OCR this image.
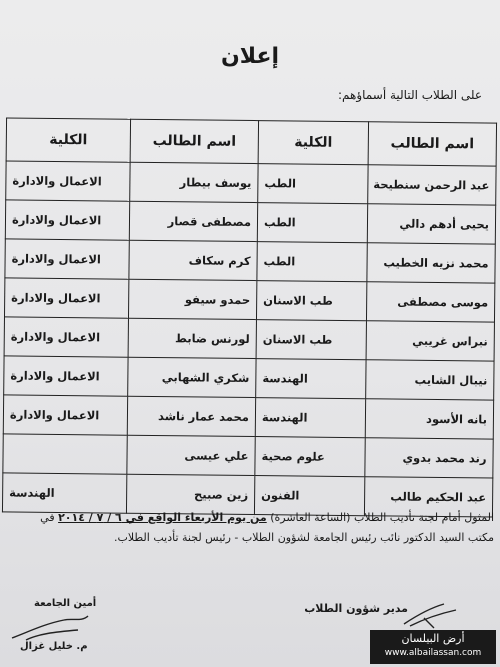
إعلان
على الطلاب التالية أسماؤهم:
اسم الطالب	الكلية	اسم الطالب	الكلية
عبد الرحمن سنطيحة	الطب	يوسف بيطار	الاعمال والادارة
يحيى أدهم دالي	الطب	مصطفى قصار	الاعمال والادارة
محمد نزيه الخطيب	الطب	كرم سكاف	الاعمال والادارة
موسى مصطفى	طب الاسنان	حمدو سيفو	الاعمال والادارة
نبراس غريبي	طب الاسنان	لورنس ضابط	الاعمال والادارة
نيبال الشايب	الهندسة	شكري الشهابي	الاعمال والادارة
بانه الأسود	الهندسة	محمد عمار ناشد	الاعمال والادارة
رند محمد بدوي	علوم صحية	علي عيسى	
عبد الحكيم طالب	الفنون	زين صبيح	الهندسة
المثول أمام لجنة تأديب الطلاب (الساعة العاشرة) من يوم الأربعاء الواقع في ٦ / ٧ / ٢٠١٤ في
مكتب السيد الدكتور نائب رئيس الجامعة لشؤون الطلاب - رئيس لجنة تأديب الطلاب.
مدير شؤون الطلاب
أمين الجامعة
م. خليل غزال
أرض البيلسان
www.albailassan.com
